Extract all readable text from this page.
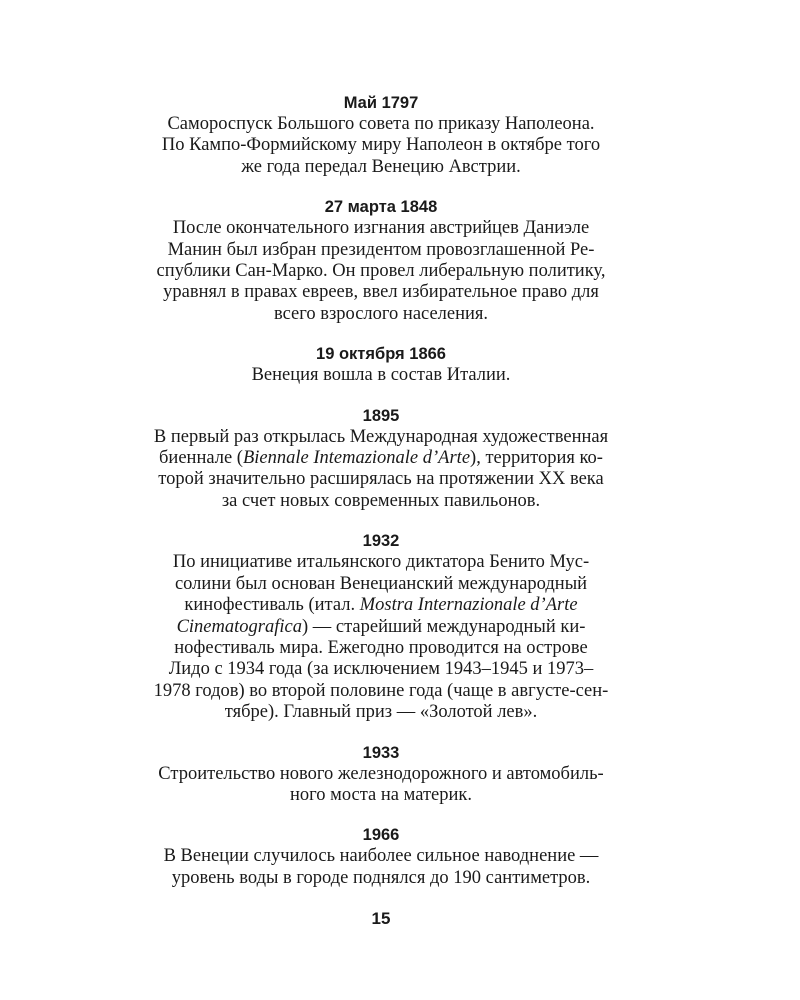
Май 1797

Самороспуск Большого совета по приказу Наполеона.

По Кампо-Формийскому миру Наполеон в октябре того

же года передал Венецию Австрии.

27 марта 1848

После окончательного изгнания австрийцев Даниэле

Манин был избран президентом провозглашенной Ре-

спублики Сан-Марко. Он провел либеральную политику,

уравнял в правах евреев, ввел избирательное право для

всего взрослого населения.

19 октября 1866

Венеция вошла в состав Италии.

1895

В первый раз открылась Международная художественная

биеннале (Biennale Intemazionale d’Arte), территория ко-

торой значительно расширялась на протяжении XX века

за счет новых современных павильонов.

1932

По инициативе итальянского диктатора Бенито Мус-

солини был основан Венецианский международный

кинофестиваль (итал. Mostra Internazionale d’Arte

Cinematografica) — старейший международный ки-

нофестиваль мира. Ежегодно проводится на острове

Лидо с 1934 года (за исключением 1943–1945 и 1973–

1978 годов) во второй половине года (чаще в августе-сен-

тябре). Главный приз — «Золотой лев».

1933

Строительство нового железнодорожного и автомобиль-

ного моста на материк.

1966

В Венеции случилось наиболее сильное наводнение —

уровень воды в городе поднялся до 190 сантиметров.

15
